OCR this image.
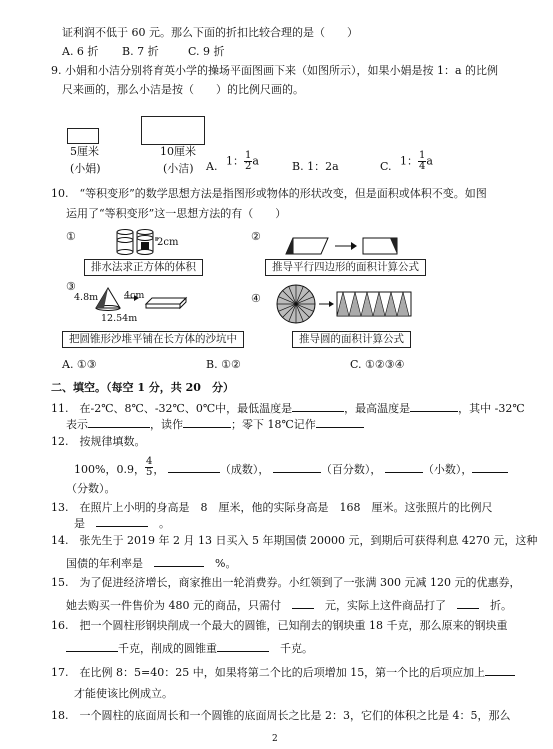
证利润不低于 60 元。那么下面的折扣比较合理的是（　　）
A. 6 折 B. 7 折	C. 9 折
9. 小娟和小洁分别将育英小学的操场平面图画下来（如图所示），如果小娟是按 1：a 的比例
尺来画的，那么小洁是按（　　）的比例尺画的。
5厘米
(小娟)
10厘米
(小洁) A. 1： $\frac{1}{2}$ a	B. 1：2a	C. 1： $\frac{1}{4}$ a
10.　“等积变形”的数学思想方法是指图形或物体的形状改变，但是面积或体积不变。如图
运用了“等积变形”这一思想方法的有（　　）
①	2cm
排水法求正方体的体积
②
推导平行四边形的面积计算公式
③
4.8m	4cm
12.54m
把圆锥形沙堆平铺在长方体的沙坑中
④
推导圆的面积计算公式
A. ①③	B. ①②	C. ①②③④
二、填空。（每空 1 分，共 20　分）
11.　在-2℃、8℃、-32℃、0℃中，最低温度是	，最高温度是	，其中 -32℃
表示	，读作	；零下 18℃记作
12.　按规律填数。
100%，0.9， $\frac{4}{5}$ ，	（成数），	（百分数），	（小数），
（分数）。
13.　在照片上小明的身高是　8　厘米，他的实际身高是　168　厘米。这张照片的比例尺
是　　	。
14.　张先生于 2019 年 2 月 13 日买入 5 年期国债 20000 元，到期后可获得利息 4270 元，这种
国债的年利率是　　	%。
15.　为了促进经济增长，商家推出一轮消费券。小红领到了一张满 300 元减 120 元的优惠券，
她去购买一件售价为 480 元的商品，只需付　　	元，实际上这件商品打了　　	折。
16.　把一个圆柱形钢块削成一个最大的圆锥，已知削去的钢块重 18 千克，那么原来的钢块重
千克，削成的圆锥重　	千克。
17.　在比例 8：5=40：25 中，如果将第二个比的后项增加 15，第一个比的后项应加上
才能使该比例成立。
18.　一个圆柱的底面周长和一个圆锥的底面周长之比是 2：3，它们的体积之比是 4：5，那么
2
